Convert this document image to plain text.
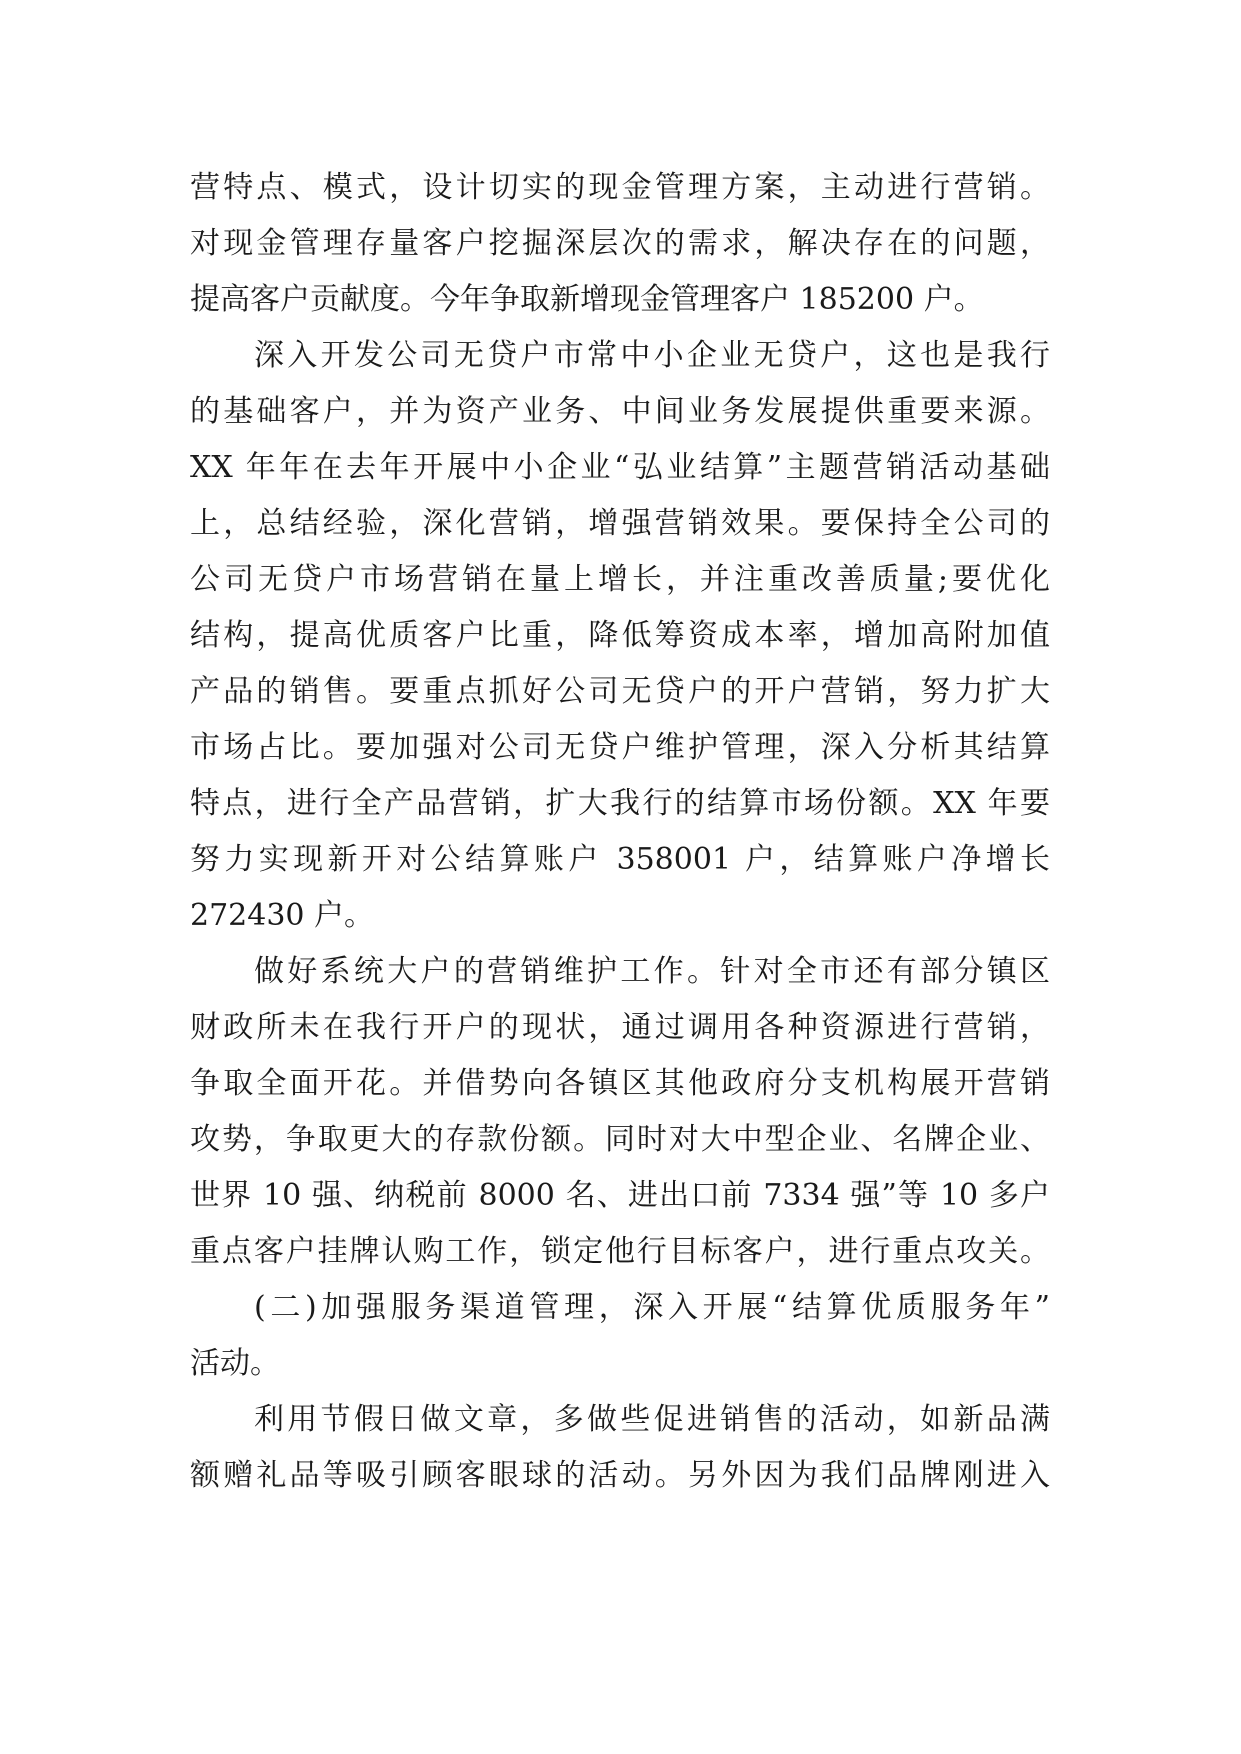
营特点、模式，设计切实的现金管理方案，主动进行营销。
对现金管理存量客户挖掘深层次的需求，解决存在的问题，
提高客户贡献度。今年争取新增现金管理客户 185200 户。
深入开发公司无贷户市常中小企业无贷户，这也是我行
的基础客户，并为资产业务、中间业务发展提供重要来源。
XX 年年在去年开展中小企业“弘业结算”主题营销活动基础
上，总结经验，深化营销，增强营销效果。要保持全公司的
公司无贷户市场营销在量上增长，并注重改善质量;要优化
结构，提高优质客户比重，降低筹资成本率，增加高附加值
产品的销售。要重点抓好公司无贷户的开户营销，努力扩大
市场占比。要加强对公司无贷户维护管理，深入分析其结算
特点，进行全产品营销，扩大我行的结算市场份额。XX 年要
努力实现新开对公结算账户 358001 户，结算账户净增长
272430 户。
做好系统大户的营销维护工作。针对全市还有部分镇区
财政所未在我行开户的现状，通过调用各种资源进行营销，
争取全面开花。并借势向各镇区其他政府分支机构展开营销
攻势，争取更大的存款份额。同时对大中型企业、名牌企业、
世界 10 强、纳税前 8000 名、进出口前 7334 强”等 10 多户
重点客户挂牌认购工作，锁定他行目标客户，进行重点攻关。
(二)加强服务渠道管理，深入开展“结算优质服务年”
活动。
利用节假日做文章，多做些促进销售的活动，如新品满
额赠礼品等吸引顾客眼球的活动。另外因为我们品牌刚进入
